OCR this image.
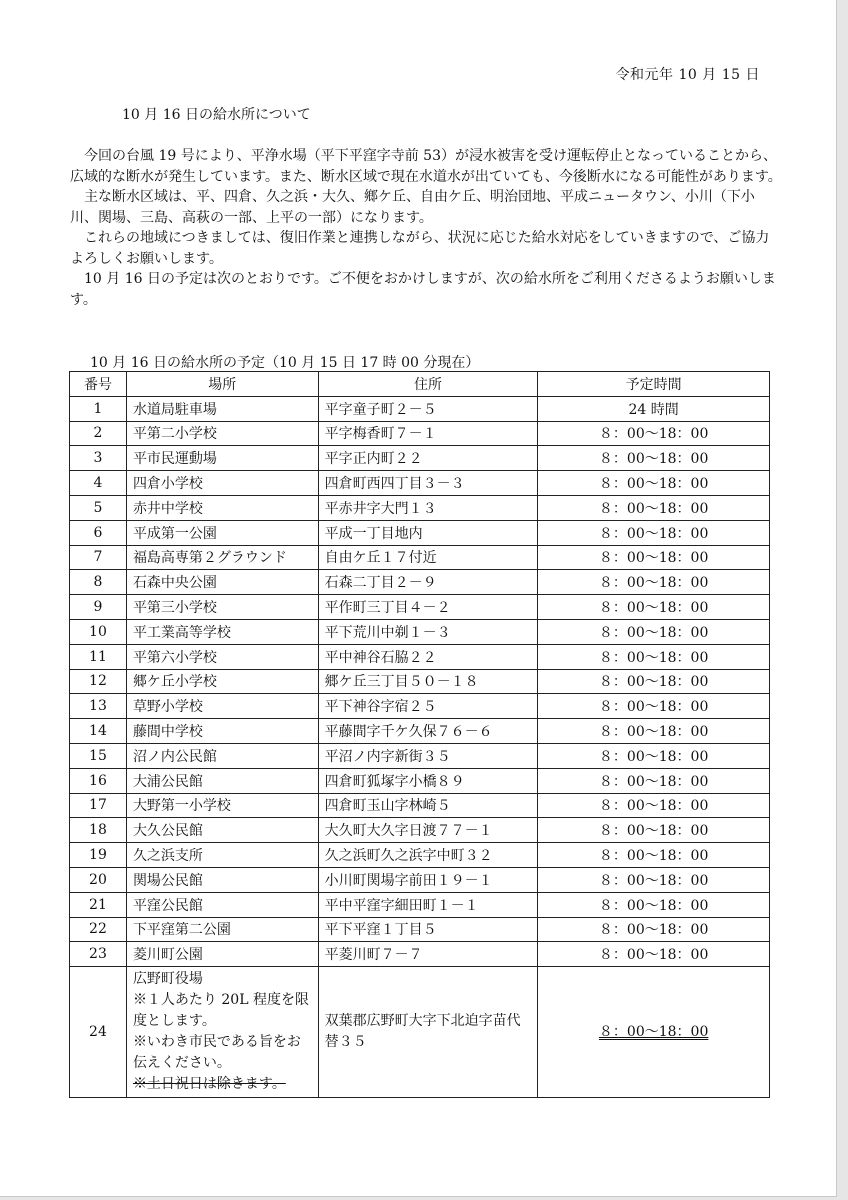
令和元年 10 月 15 日
10 月 16 日の給水所について

今回の台風 19 号により、平浄水場（平下平窪字寺前 53）が浸水被害を受け運転停止となっていることから、広域的な断水が発生しています。また、断水区域で現在水道水が出ていても、今後断水になる可能性があります。

主な断水区域は、平、四倉、久之浜・大久、鄉ケ丘、自由ケ丘、明治団地、平成ニュータウン、小川（下小川、関場、三島、高萩の一部、上平の一部）になります。

これらの地域につきましては、復旧作業と連携しながら、状況に応じた給水対応をしていきますので、ご協力よろしくお願いします。

10 月 16 日の予定は次のとおりです。ご不便をおかけしますが、次の給水所をご利用くださるようお願いします。

10 月 16 日の給水所の予定（10 月 15 日 17 時 00 分現在）
番号	場所	住所	予定時間
1	水道局駐車場	平字童子町２－５	24 時間
2	平第二小学校	平字梅香町７－１	８：00〜18：00
3	平市民運動場	平字正内町２２	８：00〜18：00
4	四倉小学校	四倉町西四丁目３－３	８：00〜18：00
5	赤井中学校	平赤井字大門１３	８：00〜18：00
6	平成第一公園	平成一丁目地内	８：00〜18：00
7	福島高専第２グラウンド	自由ケ丘１７付近	８：00〜18：00
8	石森中央公園	石森二丁目２－９	８：00〜18：00
9	平第三小学校	平作町三丁目４－２	８：00〜18：00
10	平工業高等学校	平下荒川中剃１－３	８：00〜18：00
11	平第六小学校	平中神谷石脇２２	８：00〜18：00
12	郷ケ丘小学校	郷ケ丘三丁目５０－１８	８：00〜18：00
13	草野小学校	平下神谷字宿２５	８：00〜18：00
14	藤間中学校	平藤間字千ケ久保７６－６	８：00〜18：00
15	沼ノ内公民館	平沼ノ内字新街３５	８：00〜18：00
16	大浦公民館	四倉町狐塚字小橋８９	８：00〜18：00
17	大野第一小学校	四倉町玉山字林崎５	８：00〜18：00
18	大久公民館	大久町大久字日渡７７－１	８：00〜18：00
19	久之浜支所	久之浜町久之浜字中町３２	８：00〜18：00
20	関場公民館	小川町関場字前田１９－１	８：00〜18：00
21	平窪公民館	平中平窪字細田町１－１	８：00〜18：00
22	下平窪第二公園	平下平窪１丁目５	８：00〜18：00
23	菱川町公園	平菱川町７－７	８：00〜18：00
24	広野町役場
※１人あたり 20L 程度を限度とします。
※いわき市民である旨をお伝えください。
※土日祝日は除きます。	双葉郡広野町大字下北迫字苗代替３５	８：00〜18：00
